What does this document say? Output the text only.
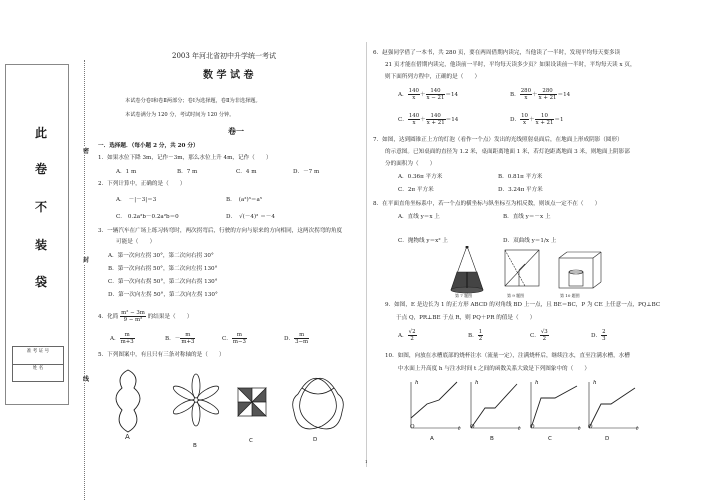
此
卷
不
装
袋
准 考 证 号
姓 名
密
封
线
2003 年河北省初中升学统一考试
数 学 试 卷
本试卷分卷Ⅰ和卷Ⅱ两部分；卷Ⅰ为选择题，卷Ⅱ为非选择题。
本试卷满分为 120 分，考试时间为 120 分钟。
卷一
一．选择题．（每小题 2 分，共 20 分）
1．如果水位下降 3m，记作－3m，那么水位上升 4m，记作（　　）
A．1 m	B．7 m	C．4 m	D．－7 m
2．下列计算中，正确的是（　　）
A． －|－3|＝3	B． (a²)³＝a⁵
C． 0.2a²b－0.2a²b＝0	D． √(－4)² ＝－4
3．一辆汽车在广场上练习转弯时，两次拐弯后，行驶的方向与原来的方向相同，这两次拐弯的角度
可能是（　　）
A．第一次向左拐 30°，第二次向右拐 30°
B．第一次向右拐 50°，第二次向左拐 130°
C．第一次向右拐 50°，第二次向右拐 130°
D．第一次向左拐 50°，第二次向左拐 130°
4．化简 $\frac{\text{m² − 3m}}{\text{9 − m²}}$ 的结果是（　　）
A． $\frac{m}{m+3}$	B．－ $\frac{m}{m+3}$	C． $\frac{m}{m-3}$	D． $\frac{m}{3-m}$
5．下列图案中，有且只有三条对称轴的是（　　）
A
B
C	D
6．赵强同学借了一本书，共 280 页，要在两周借期内读完，当他读了一半时，发现平均每天要多读
21 页才能在借期内读完，他读前一半时，平均每天读多少页？如果设读前一半时，平均每天读 x 页，
则下面所列方程中，正确的是（　　）
A． $\frac{140}{x} + \frac{140}{x - 21} =14$	B． $\frac{280}{x} + \frac{280}{x + 21} =14$
C． $\frac{140}{x} + \frac{140}{x + 21} =14$	D． $\frac{10}{x} + \frac{10}{x + 21} =1$
7．如图，达到圆锥正上方的灯泡（看作一个点）发出的光线照射桌面后，在地面上形成阴影（圆形）
的示意图。已知桌面的直径为 1.2 米，桌面距离地面 1 米，若灯泡距离地面 3 米，则地面上阴影部
分的面积为（　　）
A．0.36π 平方米	B．0.81π 平方米
C．2π 平方米	D．3.24π 平方米
8．在平面直角坐标系中，若一个点的横坐标与纵坐标互为相反数，则该点一定不在（　　）
A．直线 y＝x 上	B．直线 y＝－x 上
C．抛物线 y＝x² 上	D．双曲线 y＝1/x 上
第 7 题图	第 9 题图	第 10 题图
9．如图，E 是边长为 1 的正方形 ABCD 的对角线 BD 上一点，且 BE＝BC，P 为 CE 上任意一点，PQ⊥BC
于点 Q，PR⊥BE 于点 R，则 PQ＋PR 的值是（　　）
A． $\frac{√2}{2}$	B． $\frac{1}{2}$	C． $\frac{√3}{2}$	D． $\frac{2}{3}$
10．如图，向放在水槽底部的烧杯注水（流量一定），注满烧杯后，继续注水，直至注满水槽，水槽
中水面上升高度 h 与注水时间 t 之间的函数关系大致是下列图象中的（　　）
h	h	h	h
O	O	O	O
t	t	t	t
A	B	C	D
1
